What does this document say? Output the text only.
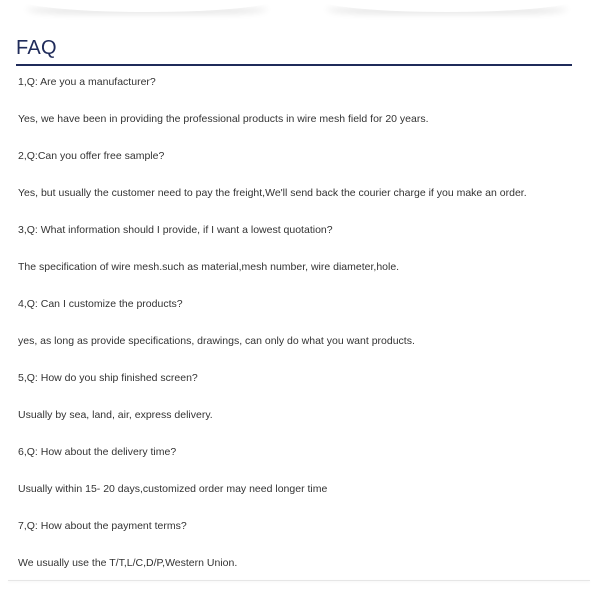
FAQ
1,Q: Are you a manufacturer?
Yes, we have been in providing the professional products in wire mesh field for 20 years.
2,Q:Can you offer free sample?
Yes, but usually the customer need to pay the freight,We'll send back the courier charge if you make an order.
3,Q: What information should I provide, if I want a lowest quotation?
The specification of wire mesh.such as material,mesh number, wire diameter,hole.
4,Q: Can I customize the products?
yes, as long as provide specifications, drawings, can only do what you want products.
5,Q: How do you ship finished screen?
Usually by sea, land, air, express delivery.
6,Q: How about the delivery time?
Usually within 15- 20 days,customized order may need longer time
7,Q: How about the payment terms?
We usually use the T/T,L/C,D/P,Western Union.
